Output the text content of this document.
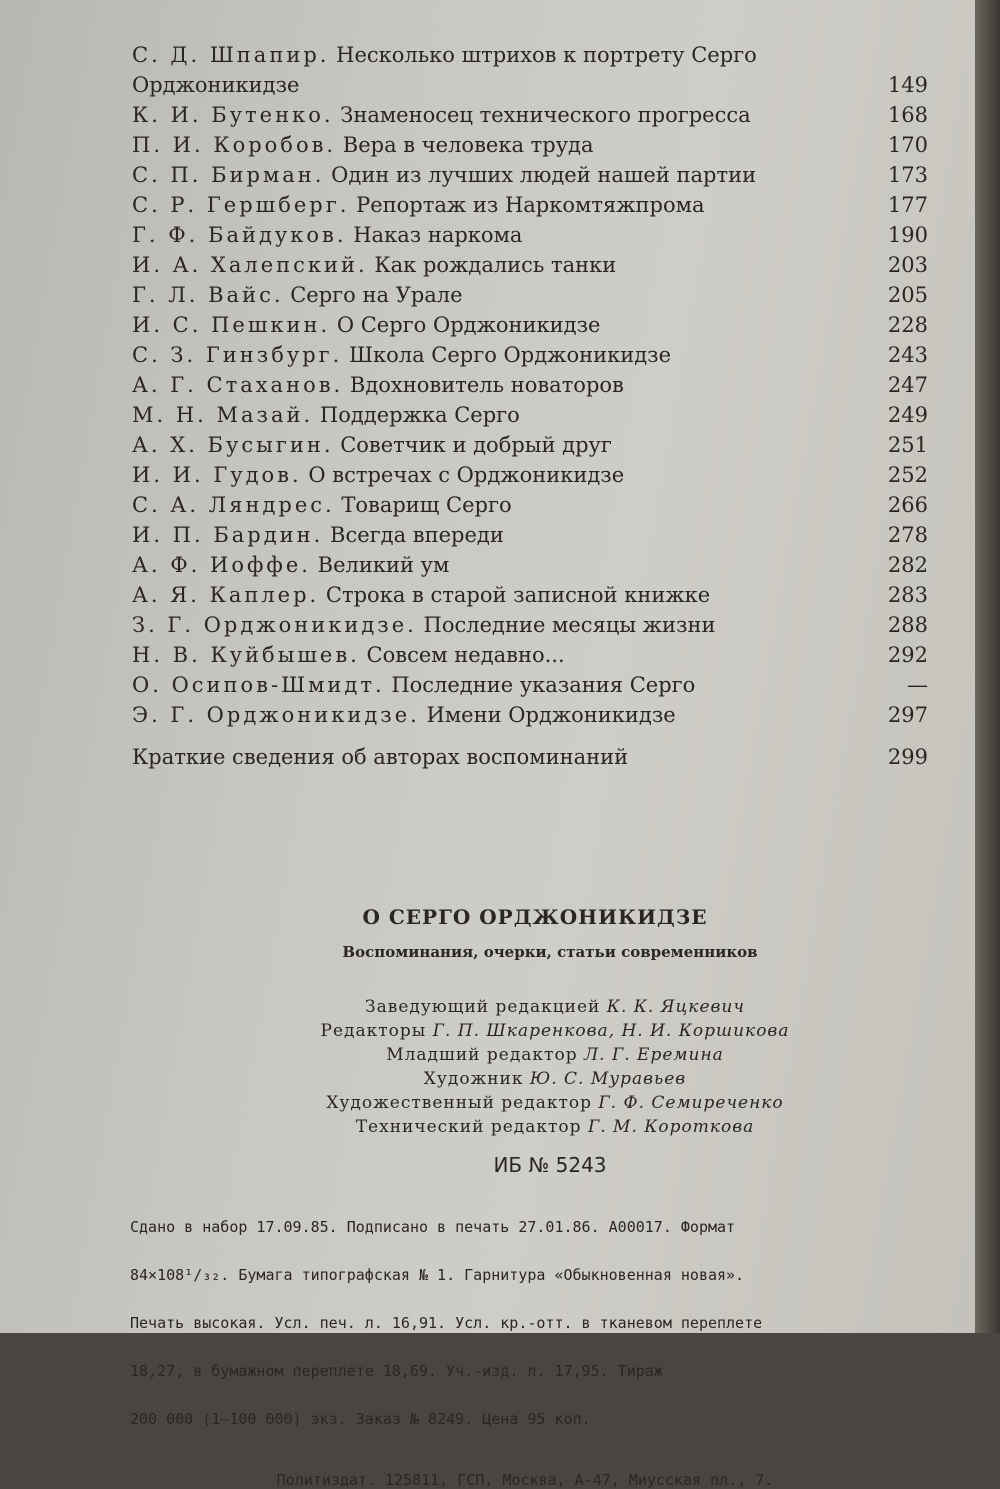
С. Д. Шпапир. Несколько штрихов к портрету Серго Орджоникидзе	149
К. И. Бутенко. Знаменосец технического прогресса	168
П. И. Коробов. Вера в человека труда	170
С. П. Бирман. Один из лучших людей нашей партии	173
С. Р. Гершберг. Репортаж из Наркомтяжпрома	177
Г. Ф. Байдуков. Наказ наркома	190
И. А. Халепский. Как рождались танки	203
Г. Л. Вайс. Серго на Урале	205
И. С. Пешкин. О Серго Орджоникидзе	228
С. З. Гинзбург. Школа Серго Орджоникидзе	243
А. Г. Стаханов. Вдохновитель новаторов	247
М. Н. Мазай. Поддержка Серго	249
А. Х. Бусыгин. Советчик и добрый друг	251
И. И. Гудов. О встречах с Орджоникидзе	252
С. А. Ляндрес. Товарищ Серго	266
И. П. Бардин. Всегда впереди	278
А. Ф. Иоффе. Великий ум	282
А. Я. Каплер. Строка в старой записной книжке	283
З. Г. Орджоникидзе. Последние месяцы жизни	288
Н. В. Куйбышев. Совсем недавно...	292
О. Осипов-Шмидт. Последние указания Серго	—
Э. Г. Орджоникидзе. Имени Орджоникидзе	297
Краткие сведения об авторах воспоминаний	299
О СЕРГО ОРДЖОНИКИДЗЕ
Воспоминания, очерки, статьи современников
Заведующий редакцией К. К. Яцкевич
Редакторы Г. П. Шкаренкова, Н. И. Коршикова
Младший редактор Л. Г. Еремина
Художник Ю. С. Муравьев
Художественный редактор Г. Ф. Семиреченко
Технический редактор Г. М. Короткова
ИБ № 5243

Сдано в набор 17.09.85. Подписано в печать 27.01.86. А00017. Формат

84×108¹/₃₂. Бумага типографская № 1. Гарнитура «Обыкновенная новая».

Печать высокая. Усл. печ. л. 16,91. Усл. кр.-отт. в тканевом переплете

18,27, в бумажном переплете 18,69. Уч.-изд. л. 17,95. Тираж

200 000 (1—100 000) экз. Заказ № 8249. Цена 95 коп.

Политиздат. 125811, ГСП, Москва, А-47, Миусская пл., 7.
